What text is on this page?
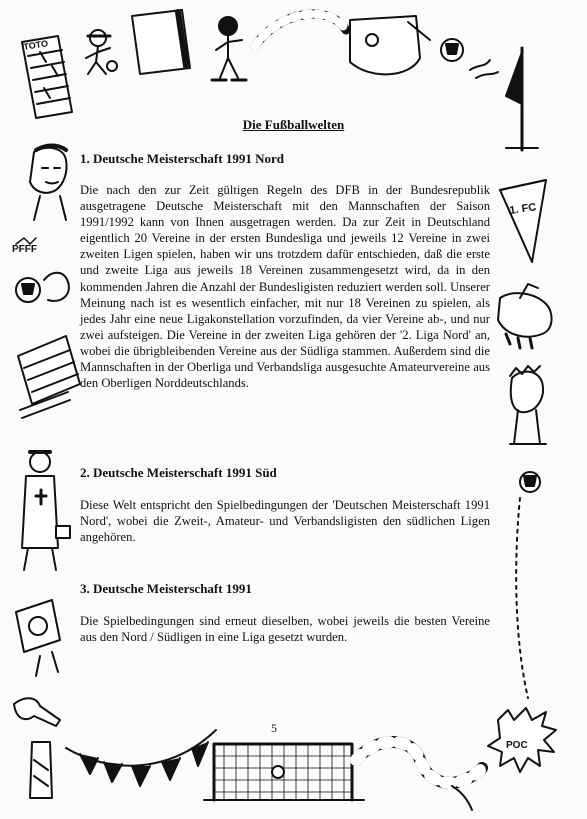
TOTO
PFFF
1. FC
POC
Die Fußballwelten
1. Deutsche Meisterschaft 1991 Nord
Die nach den zur Zeit gültigen Regeln des DFB in der Bundesrepublik ausgetragene Deutsche Meisterschaft mit den Mannschaften der Saison 1991/1992 kann von Ihnen ausgetragen werden. Da zur Zeit in Deutschland eigentlich 20 Vereine in der ersten Bundesliga und jeweils 12 Vereine in zwei zweiten Ligen spielen, haben wir uns trotzdem dafür entschieden, daß die erste und zweite Liga aus jeweils 18 Vereinen zusammengesetzt wird, da in den kommenden Jahren die Anzahl der Bundesligisten reduziert werden soll. Unserer Meinung nach ist es wesentlich einfacher, mit nur 18 Vereinen zu spielen, als jedes Jahr eine neue Ligakonstellation vorzufinden, da vier Vereine ab-, und nur zwei aufsteigen. Die Vereine in der zweiten Liga gehören der '2. Liga Nord' an, wobei die übrigbleibenden Vereine aus der Südliga stammen. Außerdem sind die Mannschaften in der Oberliga und Verbandsliga ausgesuchte Amateurvereine aus den Oberligen Norddeutschlands.
2. Deutsche Meisterschaft 1991 Süd
Diese Welt entspricht den Spielbedingungen der 'Deutschen Meisterschaft 1991 Nord', wobei die Zweit-, Amateur- und Verbandsligisten den südlichen Ligen angehören.
3. Deutsche Meisterschaft 1991
Die Spielbedingungen sind erneut dieselben, wobei jeweils die besten Vereine aus den Nord / Südligen in eine Liga gesetzt wurden.
5
